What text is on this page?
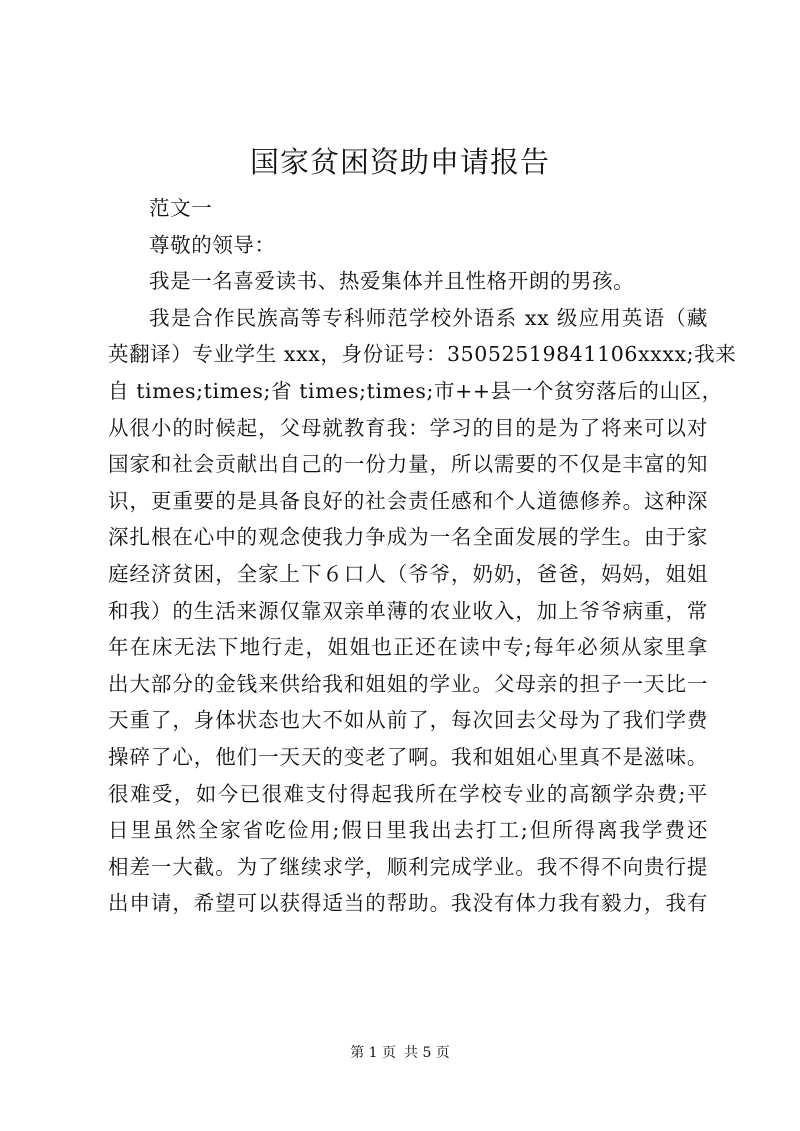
国家贫困资助申请报告
范文一
尊敬的领导：
我是一名喜爱读书、热爱集体并且性格开朗的男孩。
我是合作民族高等专科师范学校外语系 xx 级应用英语（藏
英翻译）专业学生 xxx，身份证号：35052519841106xxxx;我来
自 times;times;省 times;times;市++县一个贫穷落后的山区，
从很小的时候起，父母就教育我：学习的目的是为了将来可以对
国家和社会贡献出自己的一份力量，所以需要的不仅是丰富的知
识，更重要的是具备良好的社会责任感和个人道德修养。这种深
深扎根在心中的观念使我力争成为一名全面发展的学生。由于家
庭经济贫困，全家上下６口人（爷爷，奶奶，爸爸，妈妈，姐姐
和我）的生活来源仅靠双亲单薄的农业收入，加上爷爷病重，常
年在床无法下地行走，姐姐也正还在读中专;每年必须从家里拿
出大部分的金钱来供给我和姐姐的学业。父母亲的担子一天比一
天重了，身体状态也大不如从前了，每次回去父母为了我们学费
操碎了心，他们一天天的变老了啊。我和姐姐心里真不是滋味。
很难受，如今已很难支付得起我所在学校专业的高额学杂费;平
日里虽然全家省吃俭用;假日里我出去打工;但所得离我学费还
相差一大截。为了继续求学，顺利完成学业。我不得不向贵行提
出申请，希望可以获得适当的帮助。我没有体力我有毅力，我有
第 1 页 共 5 页
